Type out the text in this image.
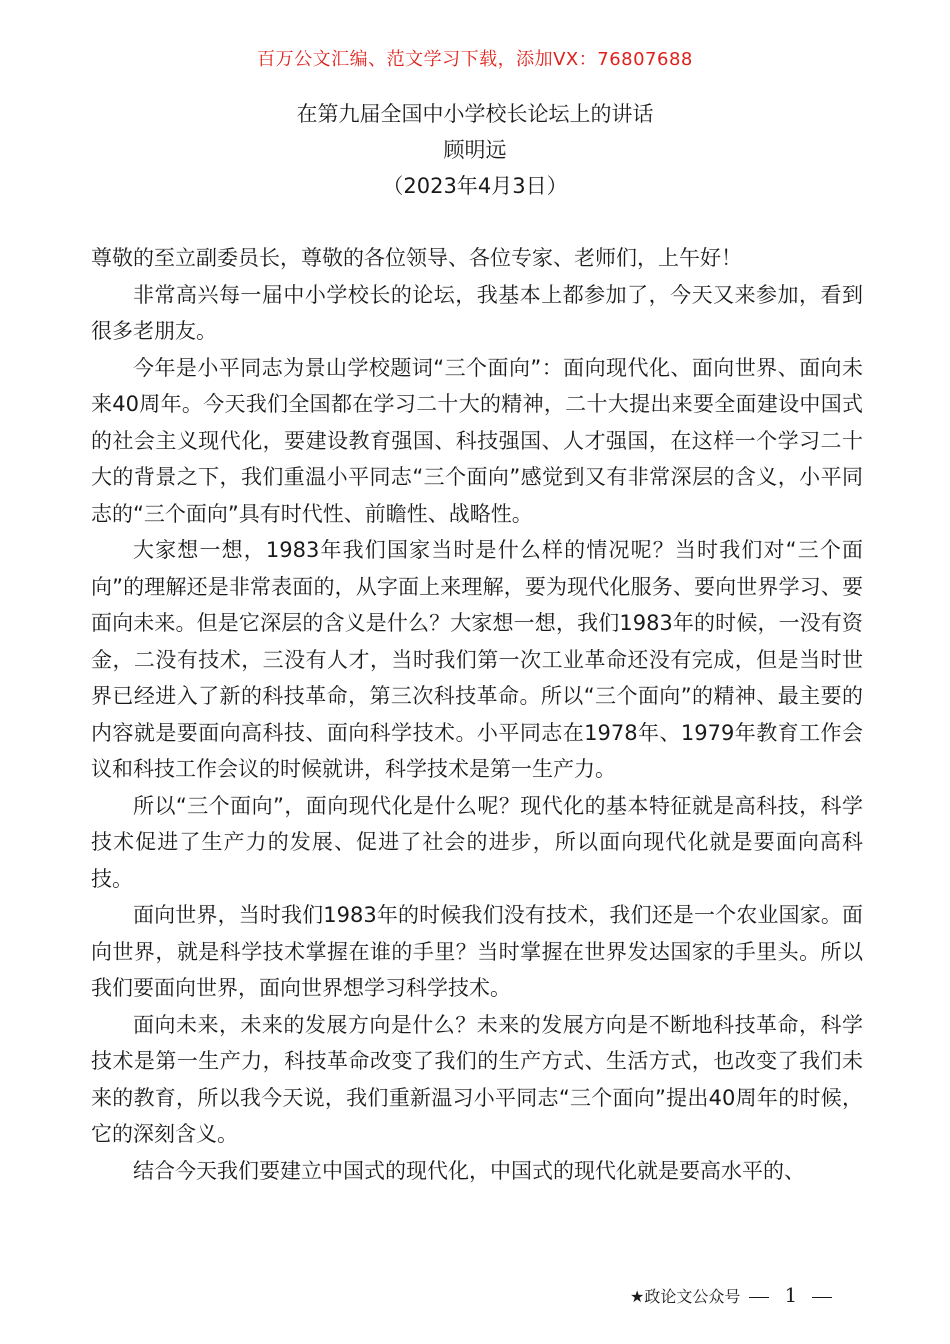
百万公文汇编、范文学习下载，添加VX：76807688
在第九届全国中小学校长论坛上的讲话
顾明远
（2023年4月3日）

尊敬的至立副委员长，尊敬的各位领导、各位专家、老师们，上午好！

非常高兴每一届中小学校长的论坛，我基本上都参加了，今天又来参加，看到很多老朋友。

今年是小平同志为景山学校题词“三个面向”：面向现代化、面向世界、面向未来40周年。今天我们全国都在学习二十大的精神，二十大提出来要全面建设中国式的社会主义现代化，要建设教育强国、科技强国、人才强国，在这样一个学习二十大的背景之下，我们重温小平同志“三个面向”感觉到又有非常深层的含义，小平同志的“三个面向”具有时代性、前瞻性、战略性。

大家想一想，1983年我们国家当时是什么样的情况呢？当时我们对“三个面向”的理解还是非常表面的，从字面上来理解，要为现代化服务、要向世界学习、要面向未来。但是它深层的含义是什么？大家想一想，我们1983年的时候，一没有资金，二没有技术，三没有人才，当时我们第一次工业革命还没有完成，但是当时世界已经进入了新的科技革命，第三次科技革命。所以“三个面向”的精神、最主要的内容就是要面向高科技、面向科学技术。小平同志在1978年、1979年教育工作会议和科技工作会议的时候就讲，科学技术是第一生产力。

所以“三个面向”，面向现代化是什么呢？现代化的基本特征就是高科技，科学技术促进了生产力的发展、促进了社会的进步，所以面向现代化就是要面向高科技。

面向世界，当时我们1983年的时候我们没有技术，我们还是一个农业国家。面向世界，就是科学技术掌握在谁的手里？当时掌握在世界发达国家的手里头。所以我们要面向世界，面向世界想学习科学技术。

面向未来，未来的发展方向是什么？未来的发展方向是不断地科技革命，科学技术是第一生产力，科技革命改变了我们的生产方式、生活方式，也改变了我们未来的教育，所以我今天说，我们重新温习小平同志“三个面向”提出40周年的时候，它的深刻含义。

结合今天我们要建立中国式的现代化，中国式的现代化就是要高水平的、

★政论文公众号 1
